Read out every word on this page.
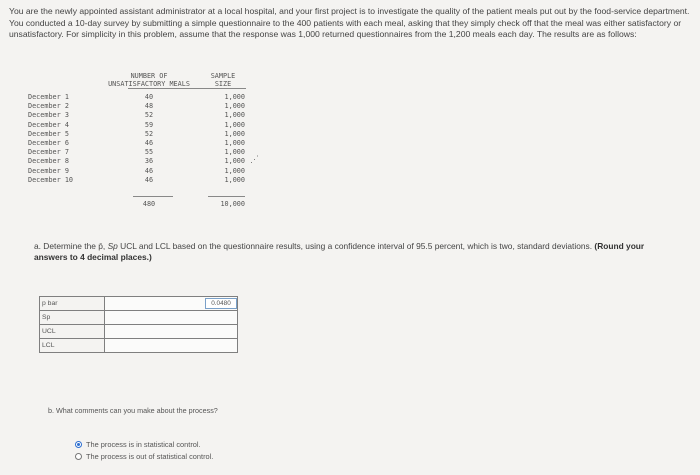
You are the newly appointed assistant administrator at a local hospital, and your first project is to investigate the quality of the patient meals put out by the food-service department. You conducted a 10-day survey by submitting a simple questionnaire to the 400 patients with each meal, asking that they simply check off that the meal was either satisfactory or unsatisfactory. For simplicity in this problem, assume that the response was 1,000 returned questionnaires from the 1,200 meals each day. The results are as follows:
NUMBER OF
UNSATISFACTORY MEALS
SAMPLE
SIZE
December 1	40	1,000
December 2	48	1,000
December 3	52	1,000
December 4	59	1,000
December 5	52	1,000
December 6	46	1,000
December 7	55	1,000
December 8	36	1,000
December 9	46	1,000
December 10	46	1,000
480	10,000
⋰
a. Determine the p̄, Sp UCL and LCL based on the questionnaire results, using a confidence interval of 95.5 percent, which is two, standard deviations. (Round your answers to 4 decimal places.)
p bar	0.0480

Sp	
UCL	
LCL	
b. What comments can you make about the process?
The process is in statistical control.
The process is out of statistical control.
